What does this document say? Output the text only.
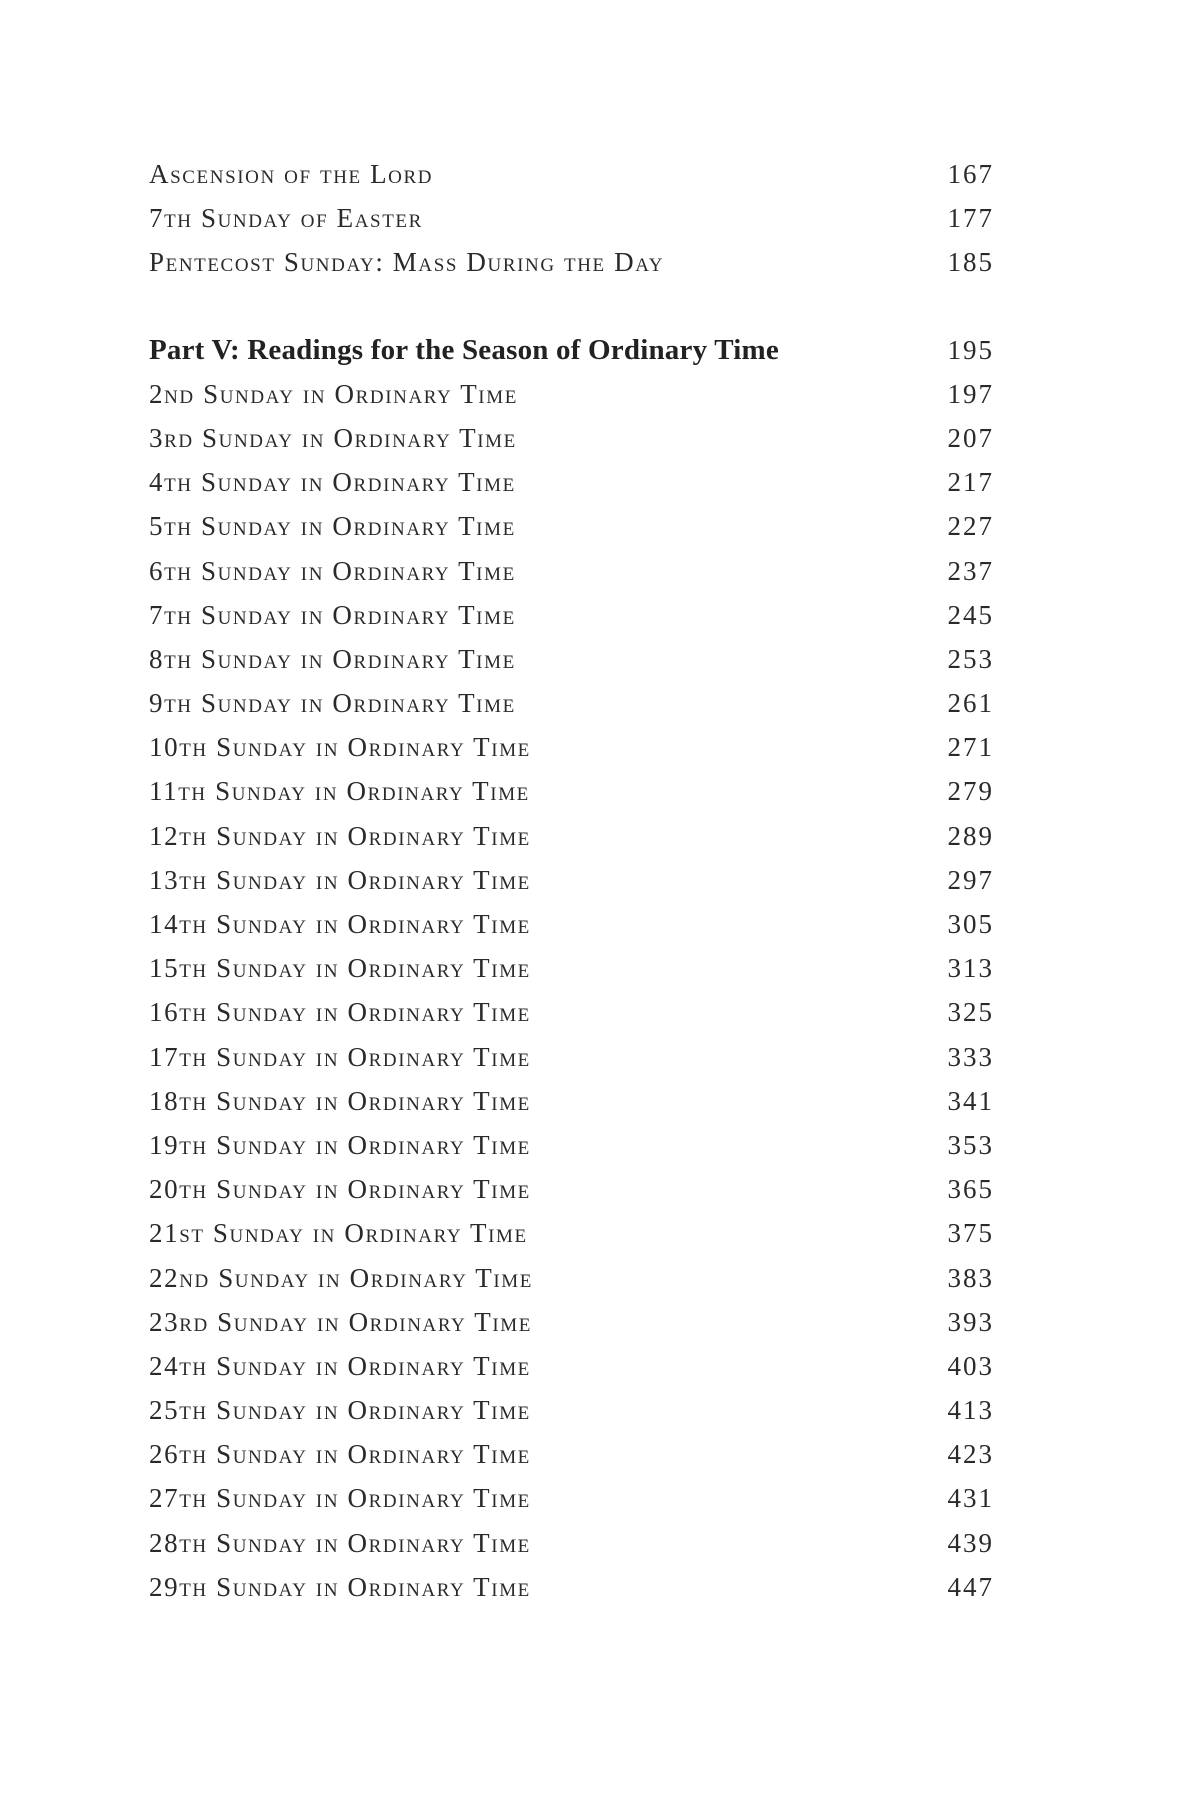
Ascension of the Lord	167
7th Sunday of Easter	177
Pentecost Sunday: Mass During the Day	185
Part V: Readings for the Season of Ordinary Time	195
2nd Sunday in Ordinary Time	197
3rd Sunday in Ordinary Time	207
4th Sunday in Ordinary Time	217
5th Sunday in Ordinary Time	227
6th Sunday in Ordinary Time	237
7th Sunday in Ordinary Time	245
8th Sunday in Ordinary Time	253
9th Sunday in Ordinary Time	261
10th Sunday in Ordinary Time	271
11th Sunday in Ordinary Time	279
12th Sunday in Ordinary Time	289
13th Sunday in Ordinary Time	297
14th Sunday in Ordinary Time	305
15th Sunday in Ordinary Time	313
16th Sunday in Ordinary Time	325
17th Sunday in Ordinary Time	333
18th Sunday in Ordinary Time	341
19th Sunday in Ordinary Time	353
20th Sunday in Ordinary Time	365
21st Sunday in Ordinary Time	375
22nd Sunday in Ordinary Time	383
23rd Sunday in Ordinary Time	393
24th Sunday in Ordinary Time	403
25th Sunday in Ordinary Time	413
26th Sunday in Ordinary Time	423
27th Sunday in Ordinary Time	431
28th Sunday in Ordinary Time	439
29th Sunday in Ordinary Time	447
